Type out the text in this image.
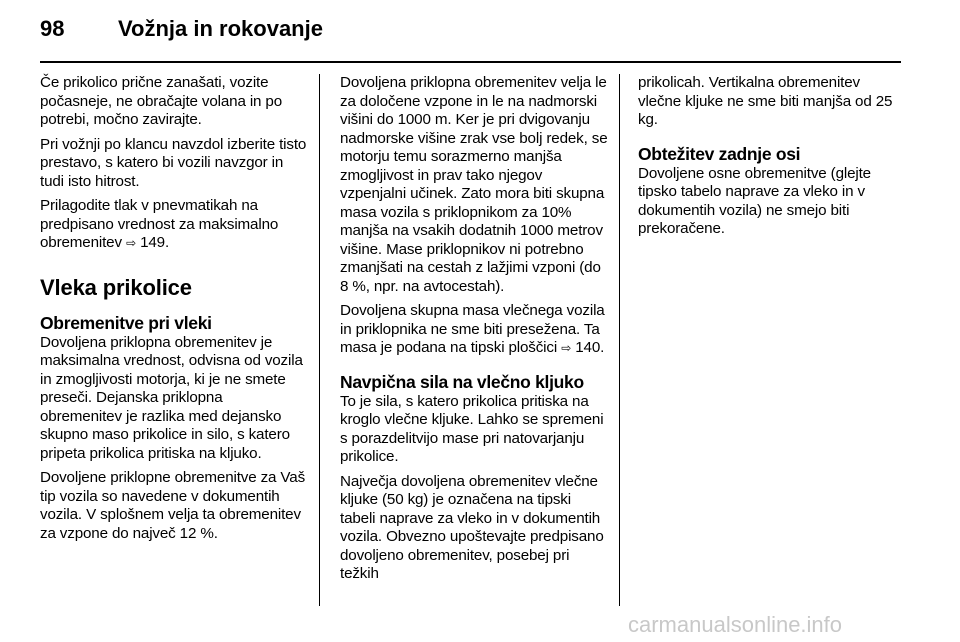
98 Vožnja in rokovanje

Če prikolico prične zanašati, vozite počasneje, ne obračajte volana in po potrebi, močno zavirajte.

Pri vožnji po klancu navzdol izberite tisto prestavo, s katero bi vozili navzgor in tudi isto hitrost.

Prilagodite tlak v pnevmatikah na predpisano vrednost za maksimalno obremenitev ⇨ 149.

Vleka prikolice
Obremenitve pri vleki

Dovoljena priklopna obremenitev je maksimalna vrednost, odvisna od vozila in zmogljivosti motorja, ki je ne smete preseči. Dejanska priklopna obremenitev je razlika med dejansko skupno maso prikolice in silo, s katero pripeta prikolica pritiska na kljuko.

Dovoljene priklopne obremenitve za Vaš tip vozila so navedene v dokumentih vozila. V splošnem velja ta obremenitev za vzpone do največ 12 %.

Dovoljena priklopna obremenitev velja le za določene vzpone in le na nadmorski višini do 1000 m. Ker je pri dvigovanju nadmorske višine zrak vse bolj redek, se motorju temu sorazmerno manjša zmogljivost in prav tako njegov vzpenjalni učinek. Zato mora biti skupna masa vozila s priklopnikom za 10% manjša na vsakih dodatnih 1000 metrov višine. Mase priklopnikov ni potrebno zmanjšati na cestah z lažjimi vzponi (do 8 %, npr. na avtocestah).

Dovoljena skupna masa vlečnega vozila in priklopnika ne sme biti presežena. Ta masa je podana na tipski ploščici ⇨ 140.

Navpična sila na vlečno kljuko

To je sila, s katero prikolica pritiska na kroglo vlečne kljuke. Lahko se spremeni s porazdelitvijo mase pri natovarjanju prikolice.

Največja dovoljena obremenitev vlečne kljuke (50 kg) je označena na tipski tabeli naprave za vleko in v dokumentih vozila. Obvezno upoštevajte predpisano dovoljeno obremenitev, posebej pri težkih

prikolicah. Vertikalna obremenitev vlečne kljuke ne sme biti manjša od 25 kg.

Obtežitev zadnje osi

Dovoljene osne obremenitve (glejte tipsko tabelo naprave za vleko in v dokumentih vozila) ne smejo biti prekoračene.

carmanualsonline.info
